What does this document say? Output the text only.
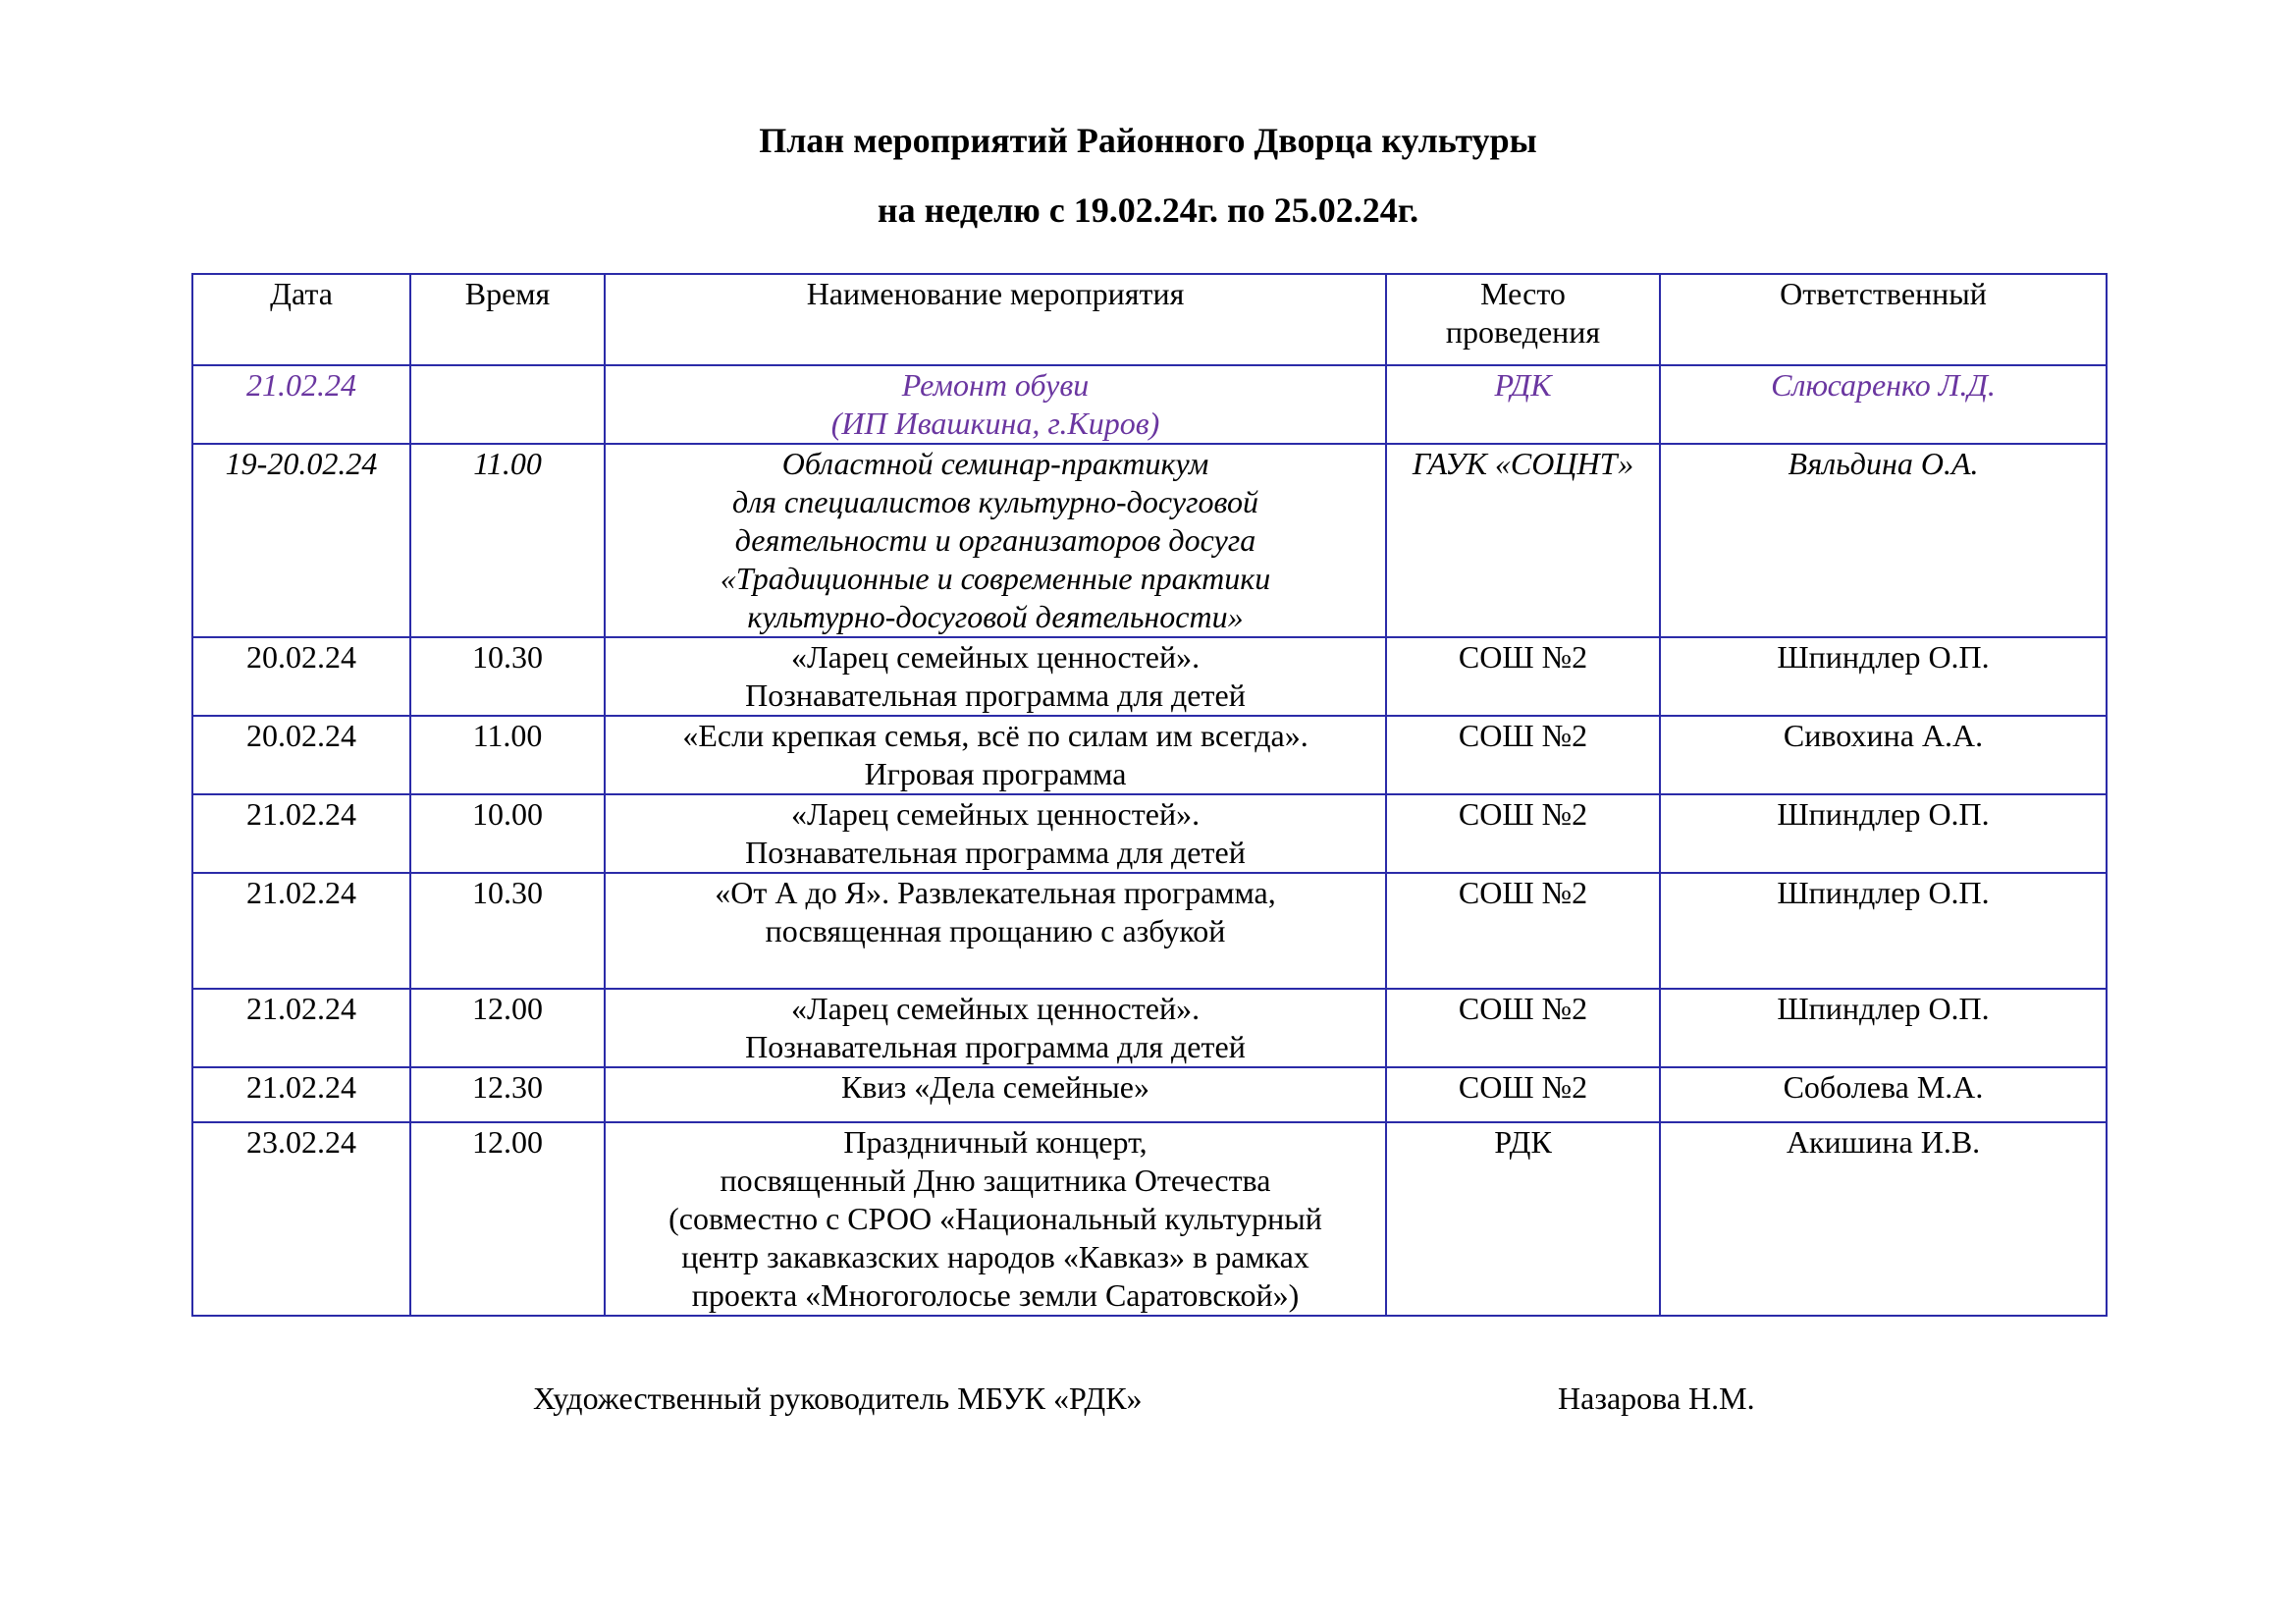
План мероприятий Районного Дворца культуры
на неделю с 19.02.24г. по 25.02.24г.
Дата	Время	Наименование мероприятия	Место
проведения	Ответственный
21.02.24		Ремонт обуви
(ИП Ивашкина, г.Киров)	РДК	Слюсаренко Л.Д.
19-20.02.24	11.00	Областной семинар-практикум
для специалистов культурно-досуговой
деятельности и организаторов досуга
«Традиционные и современные практики
культурно-досуговой деятельности»	ГАУК «СОЦНТ»	Вяльдина О.А.
20.02.24	10.30	«Ларец семейных ценностей».
Познавательная программа для детей	СОШ №2	Шпиндлер О.П.
20.02.24	11.00	«Если крепкая семья, всё по силам им всегда».
Игровая программа	СОШ №2	Сивохина А.А.
21.02.24	10.00	«Ларец семейных ценностей».
Познавательная программа для детей	СОШ №2	Шпиндлер О.П.
21.02.24	10.30	«От А до Я». Развлекательная программа,
посвященная прощанию с азбукой	СОШ №2	Шпиндлер О.П.
21.02.24	12.00	«Ларец семейных ценностей».
Познавательная программа для детей	СОШ №2	Шпиндлер О.П.
21.02.24	12.30	Квиз «Дела семейные»	СОШ №2	Соболева М.А.
23.02.24	12.00	Праздничный концерт,
посвященный Дню защитника Отечества
(совместно с СРОО «Национальный культурный
центр закавказских народов «Кавказ» в рамках
проекта «Многоголосье земли Саратовской»)	РДК	Акишина И.В.
Художественный руководитель МБУК «РДК»	Назарова Н.М.
